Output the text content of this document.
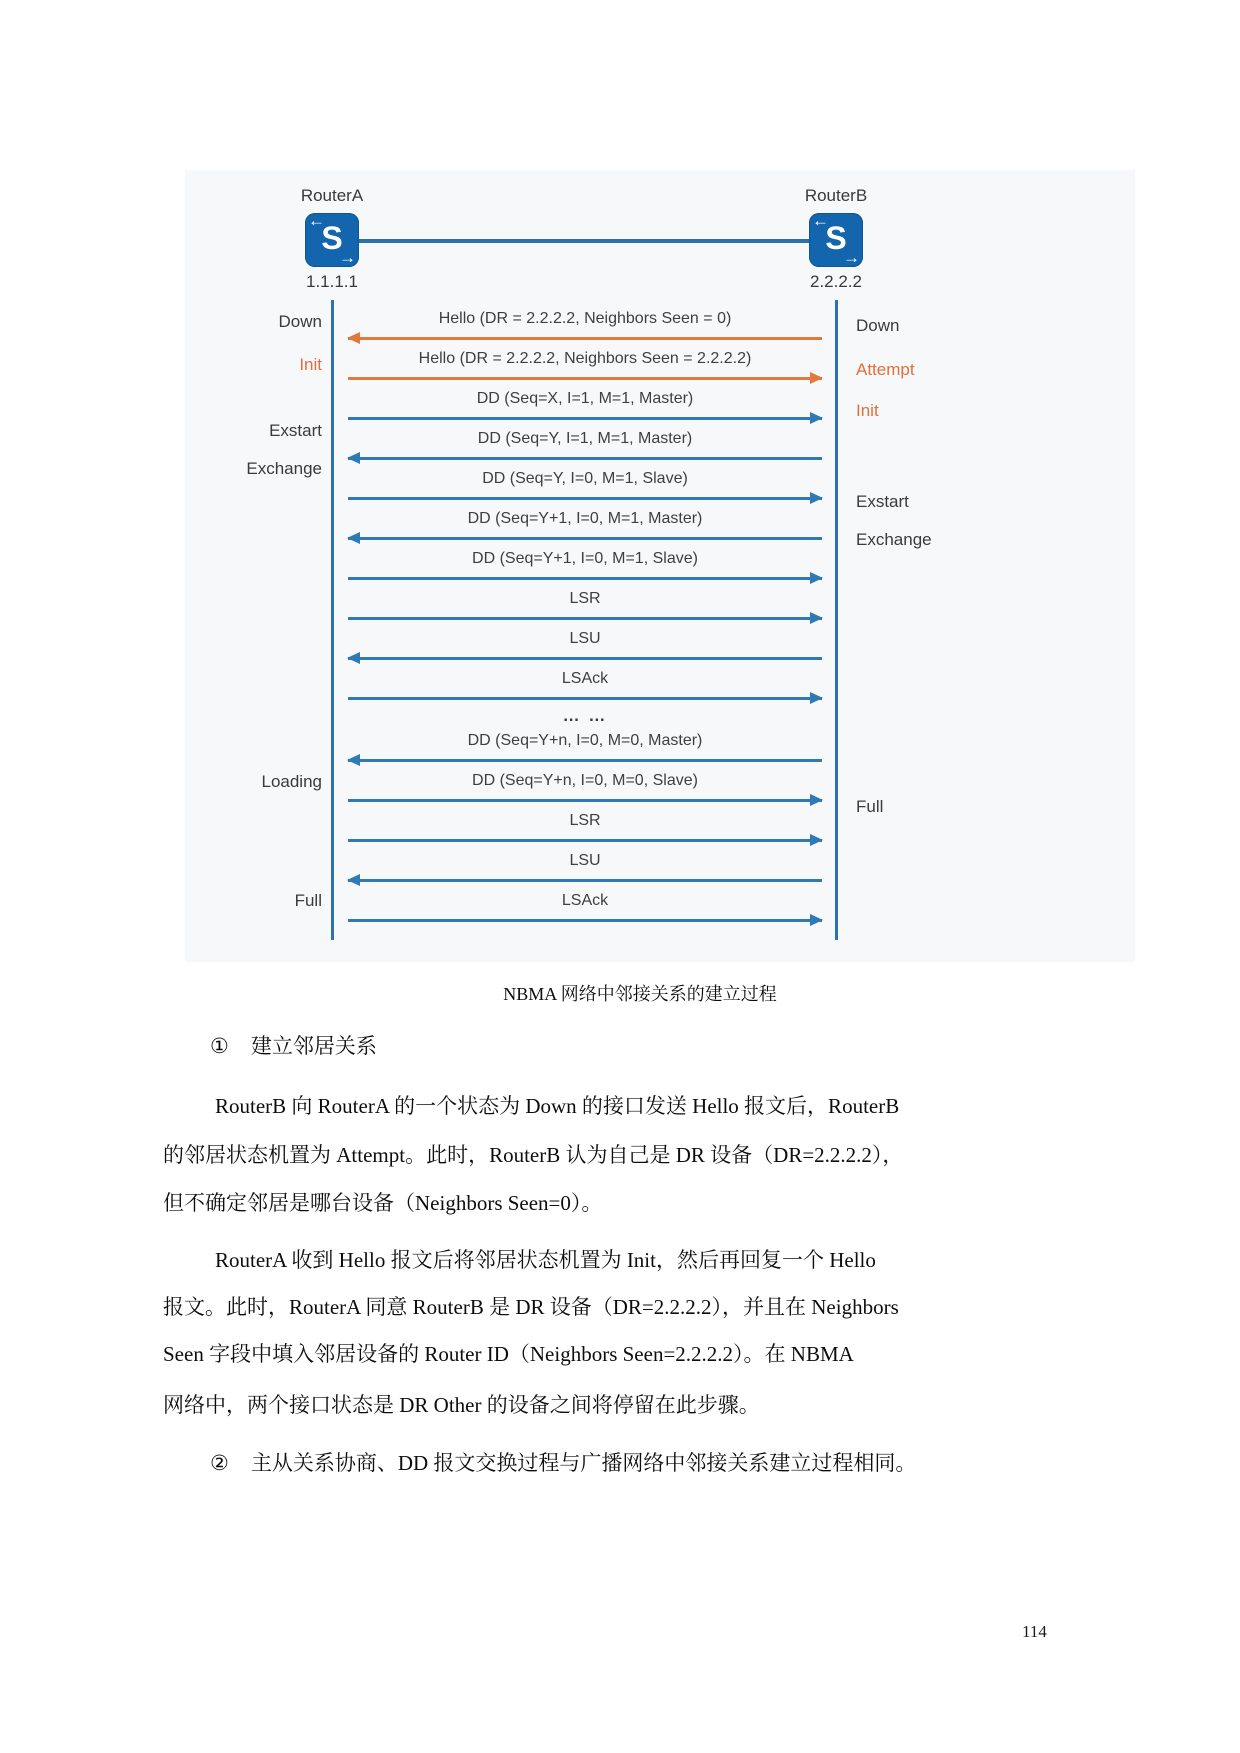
RouterA
← S
→
1.1.1.1
RouterB
← S
→
2.2.2.2
Down
Init
Exstart
Exchange
Loading
Full
Down
Attempt
Init
Exstart
Exchange
Full
Hello (DR = 2.2.2.2, Neighbors Seen = 0)
Hello (DR = 2.2.2.2, Neighbors Seen = 2.2.2.2)
DD (Seq=X, I=1, M=1, Master)
DD (Seq=Y, I=1, M=1, Master)
DD (Seq=Y, I=0, M=1, Slave)
DD (Seq=Y+1, I=0, M=1, Master)
DD (Seq=Y+1, I=0, M=1, Slave)
LSR
LSU
LSAck
… …
DD (Seq=Y+n, I=0, M=0, Master)
DD (Seq=Y+n, I=0, M=0, Slave)
LSR
LSU
LSAck
NBMA 网络中邻接关系的建立过程
① 建立邻居关系
RouterB 向 RouterA 的一个状态为 Down 的接口发送 Hello 报文后，RouterB
的邻居状态机置为 Attempt。此时，RouterB 认为自己是 DR 设备（DR=2.2.2.2），
但不确定邻居是哪台设备（Neighbors Seen=0）。
RouterA 收到 Hello 报文后将邻居状态机置为 Init，然后再回复一个 Hello
报文。此时，RouterA 同意 RouterB 是 DR 设备（DR=2.2.2.2），并且在 Neighbors
Seen 字段中填入邻居设备的 Router ID（Neighbors Seen=2.2.2.2）。在 NBMA
网络中，两个接口状态是 DR Other 的设备之间将停留在此步骤。
② 主从关系协商、DD 报文交换过程与广播网络中邻接关系建立过程相同。
114
